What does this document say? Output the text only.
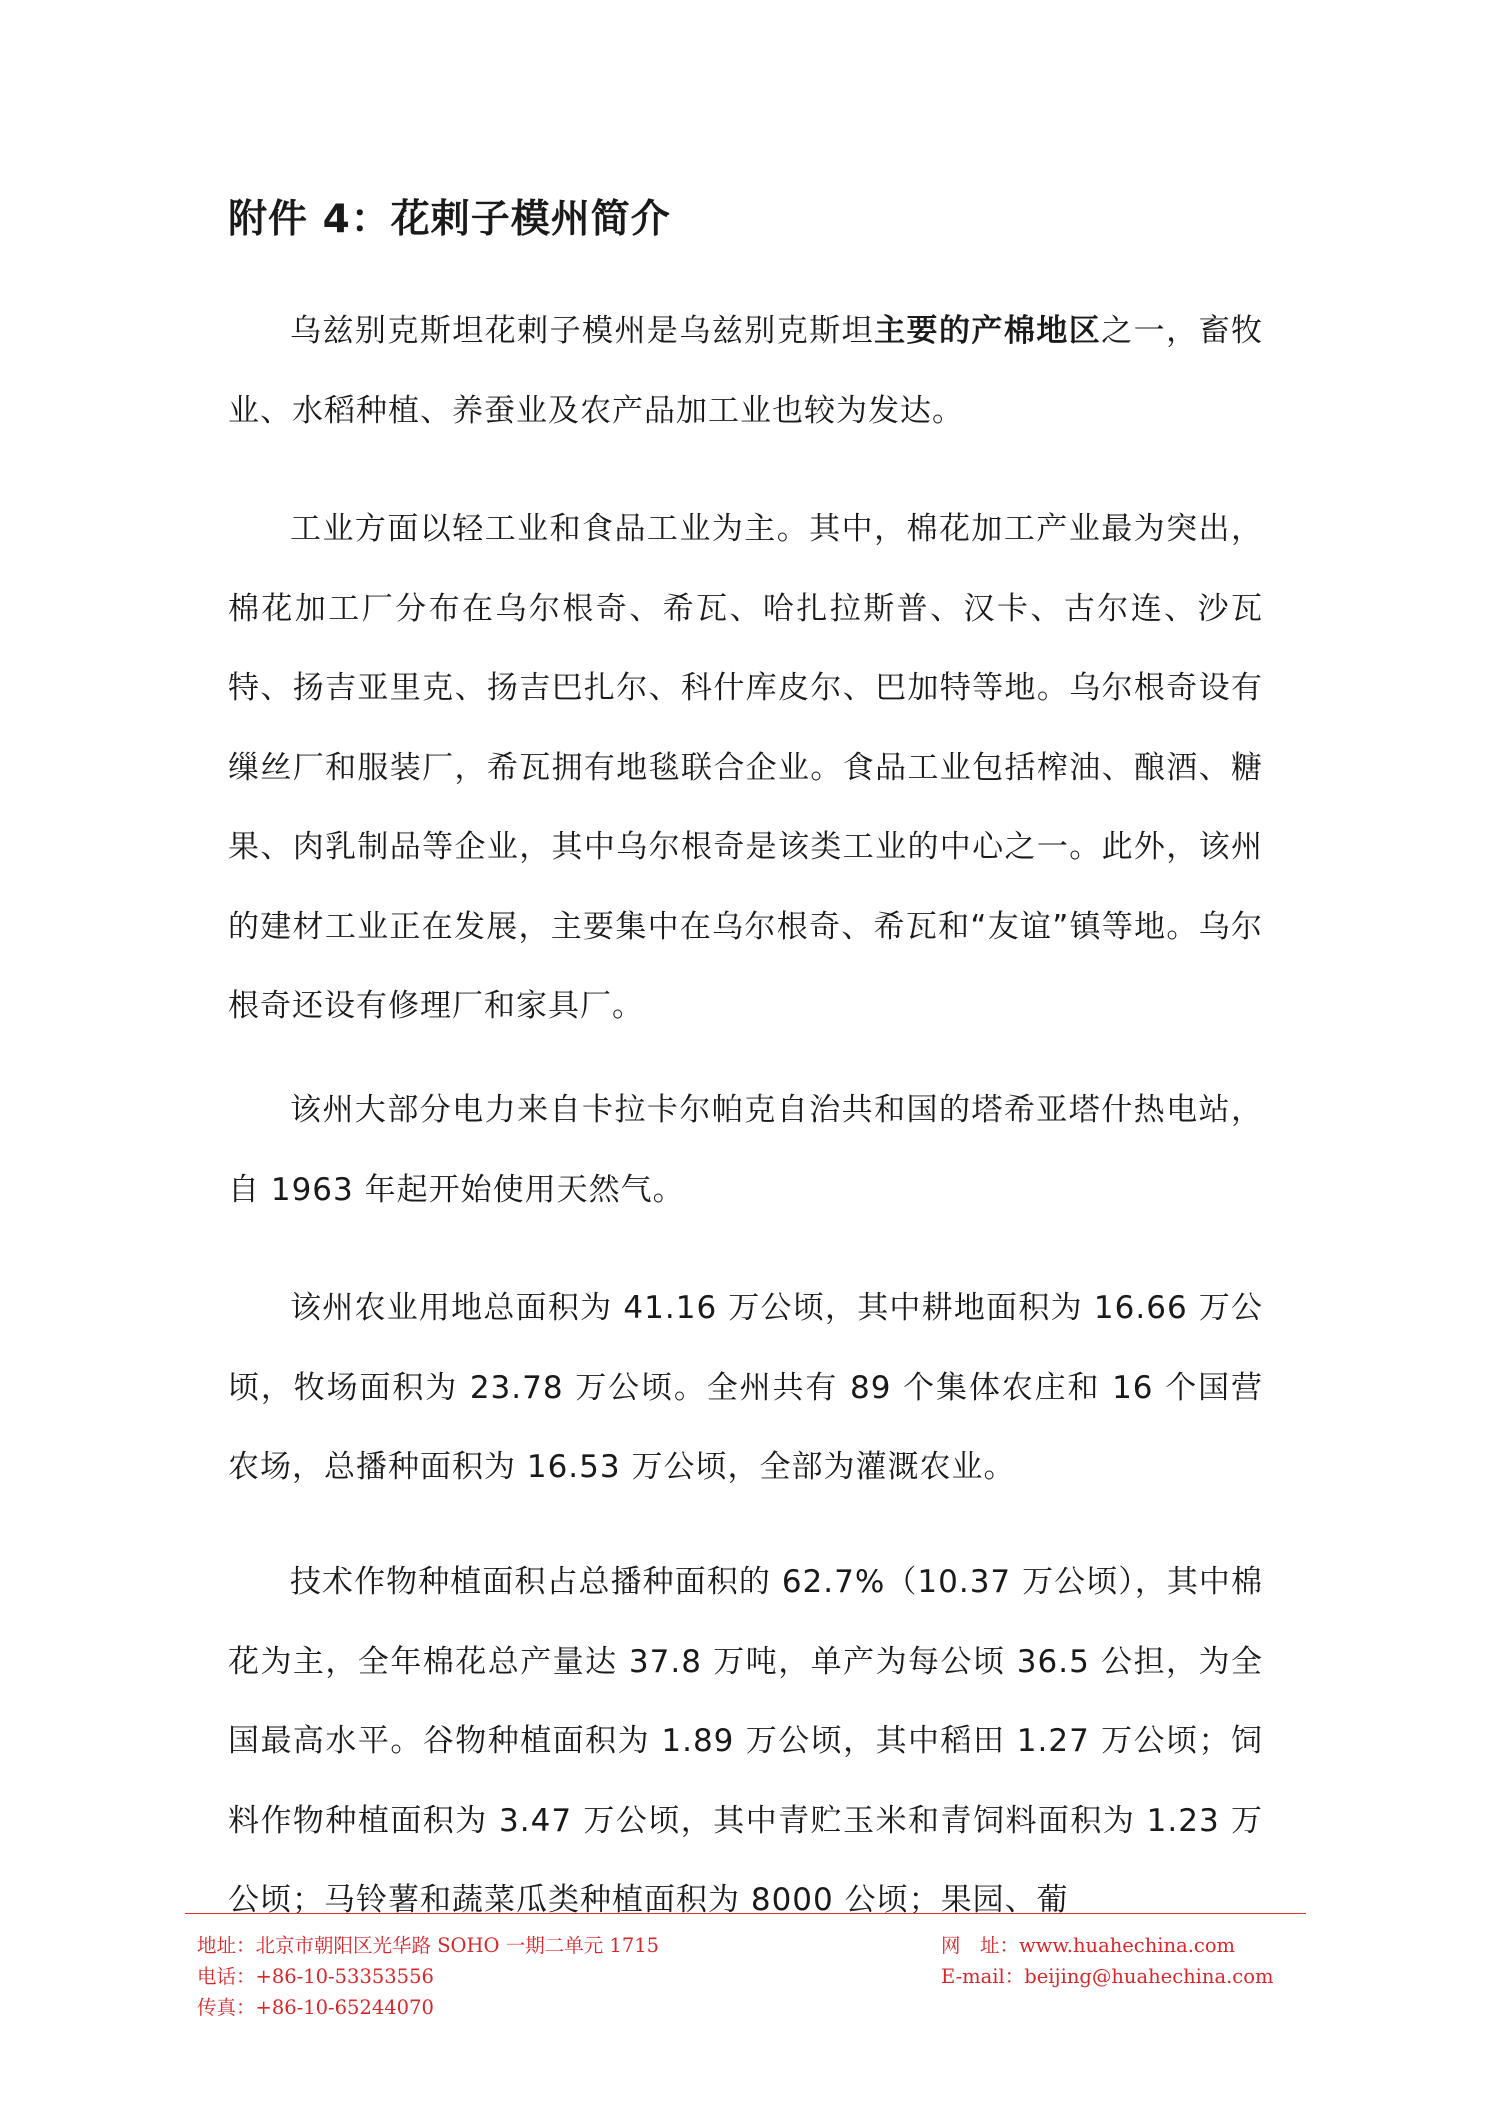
附件 4：花剌子模州简介

乌兹别克斯坦花剌子模州是乌兹别克斯坦主要的产棉地区之一，畜牧业、水稻种植、养蚕业及农产品加工业也较为发达。

工业方面以轻工业和食品工业为主。其中，棉花加工产业最为突出，棉花加工厂分布在乌尔根奇、希瓦、哈扎拉斯普、汉卡、古尔连、沙瓦特、扬吉亚里克、扬吉巴扎尔、科什库皮尔、巴加特等地。乌尔根奇设有缫丝厂和服装厂，希瓦拥有地毯联合企业。食品工业包括榨油、酿酒、糖果、肉乳制品等企业，其中乌尔根奇是该类工业的中心之一。此外，该州的建材工业正在发展，主要集中在乌尔根奇、希瓦和“友谊”镇等地。乌尔根奇还设有修理厂和家具厂。

该州大部分电力来自卡拉卡尔帕克自治共和国的塔希亚塔什热电站，自 1963 年起开始使用天然气。

该州农业用地总面积为 41.16 万公顷，其中耕地面积为 16.66 万公顷，牧场面积为 23.78 万公顷。全州共有 89 个集体农庄和 16 个国营农场，总播种面积为 16.53 万公顷，全部为灌溉农业。

技术作物种植面积占总播种面积的 62.7%（10.37 万公顷），其中棉花为主，全年棉花总产量达 37.8 万吨，单产为每公顷 36.5 公担，为全国最高水平。谷物种植面积为 1.89 万公顷，其中稻田 1.27 万公顷；饲料作物种植面积为 3.47 万公顷，其中青贮玉米和青饲料面积为 1.23 万公顷；马铃薯和蔬菜瓜类种植面积为 8000 公顷；果园、葡

地址：北京市朝阳区光华路 SOHO 一期二单元 1715
电话：+86-10-53353556
传真：+86-10-65244070
网　址：www.huahechina.com
E-mail：beijing@huahechina.com
